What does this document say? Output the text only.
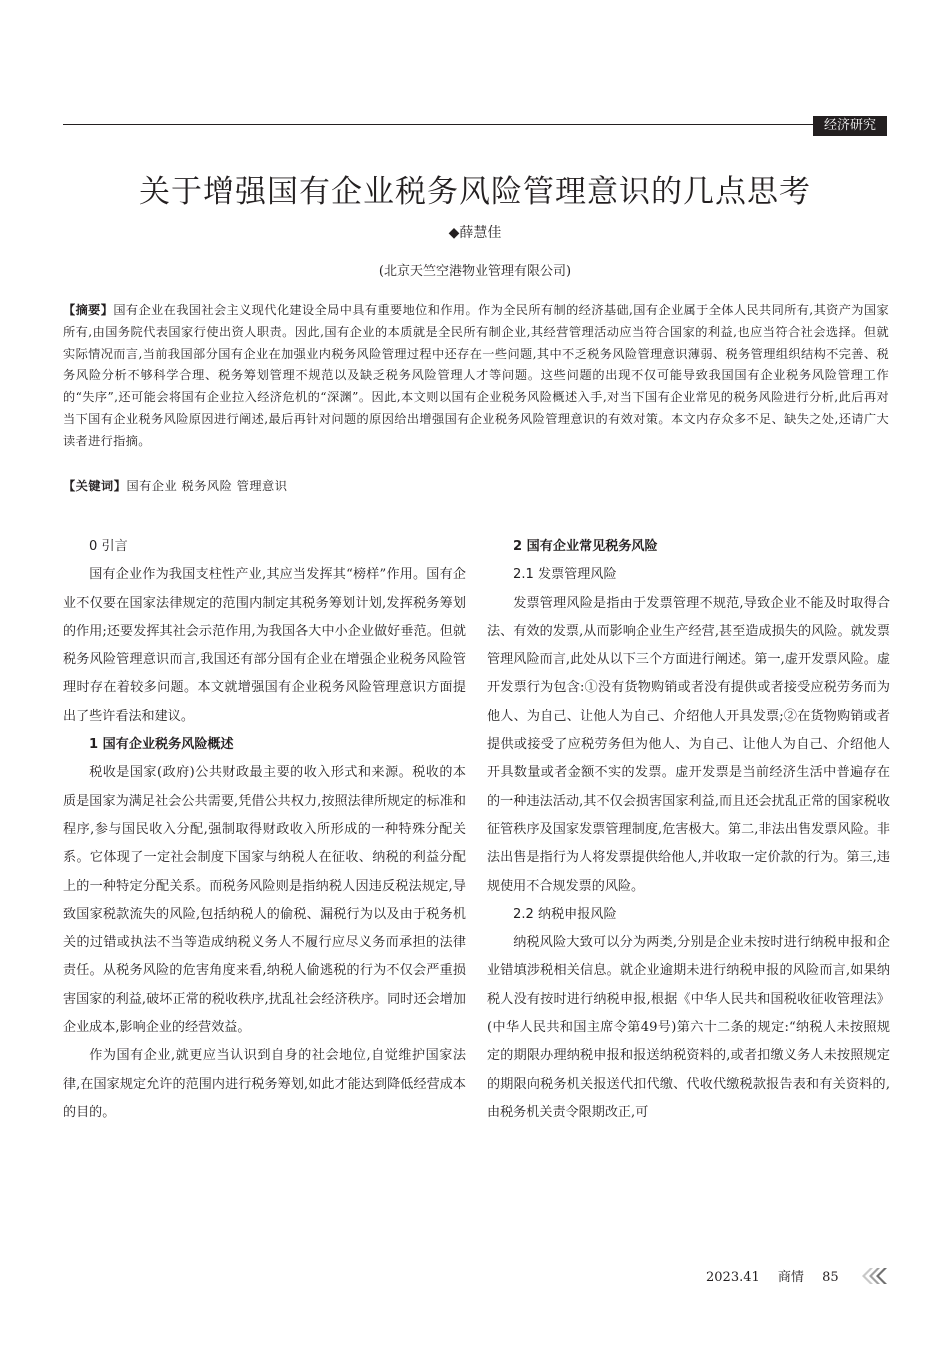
经济研究
关于增强国有企业税务风险管理意识的几点思考
◆薛慧佳
(北京天竺空港物业管理有限公司)
【摘要】国有企业在我国社会主义现代化建设全局中具有重要地位和作用。作为全民所有制的经济基础,国有企业属于全体人民共同所有,其资产为国家所有,由国务院代表国家行使出资人职责。因此,国有企业的本质就是全民所有制企业,其经营管理活动应当符合国家的利益,也应当符合社会选择。但就实际情况而言,当前我国部分国有企业在加强业内税务风险管理过程中还存在一些问题,其中不乏税务风险管理意识薄弱、税务管理组织结构不完善、税务风险分析不够科学合理、税务筹划管理不规范以及缺乏税务风险管理人才等问题。这些问题的出现不仅可能导致我国国有企业税务风险管理工作的“失序”,还可能会将国有企业拉入经济危机的“深渊”。因此,本文则以国有企业税务风险概述入手,对当下国有企业常见的税务风险进行分析,此后再对当下国有企业税务风险原因进行阐述,最后再针对问题的原因给出增强国有企业税务风险管理意识的有效对策。本文内存众多不足、缺失之处,还请广大读者进行指摘。
【关键词】国有企业 税务风险 管理意识
0 引言

国有企业作为我国支柱性产业,其应当发挥其“榜样”作用。国有企业不仅要在国家法律规定的范围内制定其税务筹划计划,发挥税务筹划的作用;还要发挥其社会示范作用,为我国各大中小企业做好垂范。但就税务风险管理意识而言,我国还有部分国有企业在增强企业税务风险管理时存在着较多问题。本文就增强国有企业税务风险管理意识方面提出了些许看法和建议。

1 国有企业税务风险概述

税收是国家(政府)公共财政最主要的收入形式和来源。税收的本质是国家为满足社会公共需要,凭借公共权力,按照法律所规定的标准和程序,参与国民收入分配,强制取得财政收入所形成的一种特殊分配关系。它体现了一定社会制度下国家与纳税人在征收、纳税的利益分配上的一种特定分配关系。而税务风险则是指纳税人因违反税法规定,导致国家税款流失的风险,包括纳税人的偷税、漏税行为以及由于税务机关的过错或执法不当等造成纳税义务人不履行应尽义务而承担的法律责任。从税务风险的危害角度来看,纳税人偷逃税的行为不仅会严重损害国家的利益,破坏正常的税收秩序,扰乱社会经济秩序。同时还会增加企业成本,影响企业的经营效益。

作为国有企业,就更应当认识到自身的社会地位,自觉维护国家法律,在国家规定允许的范围内进行税务筹划,如此才能达到降低经营成本的目的。

2 国有企业常见税务风险
2.1 发票管理风险

发票管理风险是指由于发票管理不规范,导致企业不能及时取得合法、有效的发票,从而影响企业生产经营,甚至造成损失的风险。就发票管理风险而言,此处从以下三个方面进行阐述。第一,虚开发票风险。虚开发票行为包含:①没有货物购销或者没有提供或者接受应税劳务而为他人、为自己、让他人为自己、介绍他人开具发票;②在货物购销或者提供或接受了应税劳务但为他人、为自己、让他人为自己、介绍他人开具数量或者金额不实的发票。虚开发票是当前经济生活中普遍存在的一种违法活动,其不仅会损害国家利益,而且还会扰乱正常的国家税收征管秩序及国家发票管理制度,危害极大。第二,非法出售发票风险。非法出售是指行为人将发票提供给他人,并收取一定价款的行为。第三,违规使用不合规发票的风险。

2.2 纳税申报风险

纳税风险大致可以分为两类,分别是企业未按时进行纳税申报和企业错填涉税相关信息。就企业逾期未进行纳税申报的风险而言,如果纳税人没有按时进行纳税申报,根据《中华人民共和国税收征收管理法》(中华人民共和国主席令第49号)第六十二条的规定:“纳税人未按照规定的期限办理纳税申报和报送纳税资料的,或者扣缴义务人未按照规定的期限向税务机关报送代扣代缴、代收代缴税款报告表和有关资料的,由税务机关责令限期改正,可

2023.41 商情 85
